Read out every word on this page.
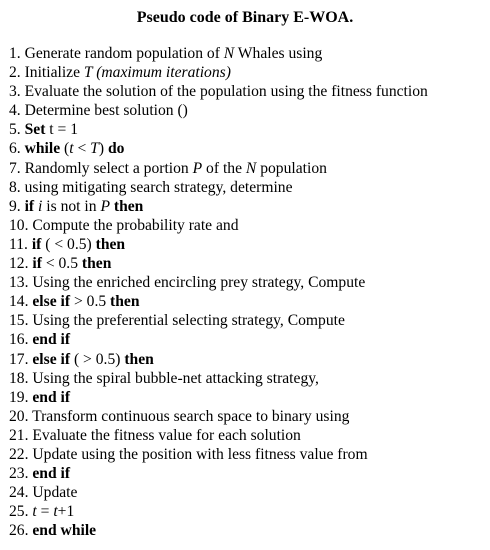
Pseudo code of Binary E-WOA.
1. Generate random population of N Whales using
2. Initialize T (maximum iterations)
3. Evaluate the solution of the population using the fitness function
4. Determine best solution ()
5. Set t = 1
6. while (t < T) do
7. Randomly select a portion P of the N population
8. using mitigating search strategy, determine
9. if i is not in P then
10. Compute the probability rate and
11. if ( < 0.5) then
12. if < 0.5 then
13. Using the enriched encircling prey strategy, Compute
14. else if > 0.5 then
15. Using the preferential selecting strategy, Compute
16. end if
17. else if ( > 0.5) then
18. Using the spiral bubble-net attacking strategy,
19. end if
20. Transform continuous search space to binary using
21. Evaluate the fitness value for each solution
22. Update using the position with less fitness value from
23. end if
24. Update
25. t = t+1
26. end while
